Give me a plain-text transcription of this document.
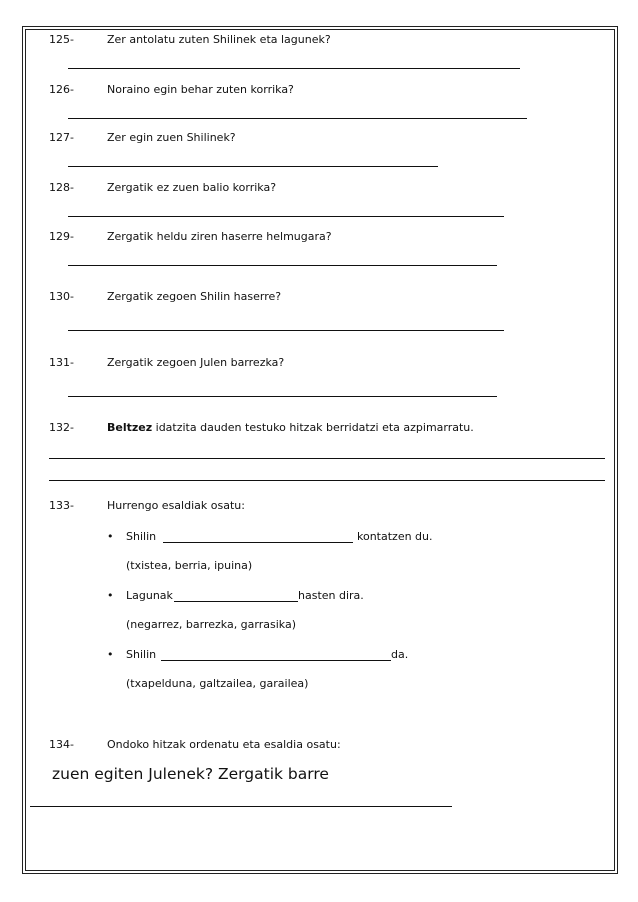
125-	Zer antolatu zuten Shilinek eta lagunek?
126-	Noraino egin behar zuten korrika?
127-	Zer egin zuen Shilinek?
128-	Zergatik ez zuen balio korrika?
129-	Zergatik heldu ziren haserre helmugara?
130-	Zergatik zegoen Shilin haserre?
131-	Zergatik zegoen Julen barrezka?
132-	Beltzez idatzita dauden testuko hitzak berridatzi eta azpimarratu.
133-	Hurrengo esaldiak osatu:
• Shilin	kontatzen du.
(txistea, berria, ipuina)
• Lagunak	hasten dira.
(negarrez, barrezka, garrasika)
• Shilin	da.
(txapelduna, galtzailea, garailea)
134-	Ondoko hitzak ordenatu eta esaldia osatu:
zuen egiten Julenek? Zergatik barre
